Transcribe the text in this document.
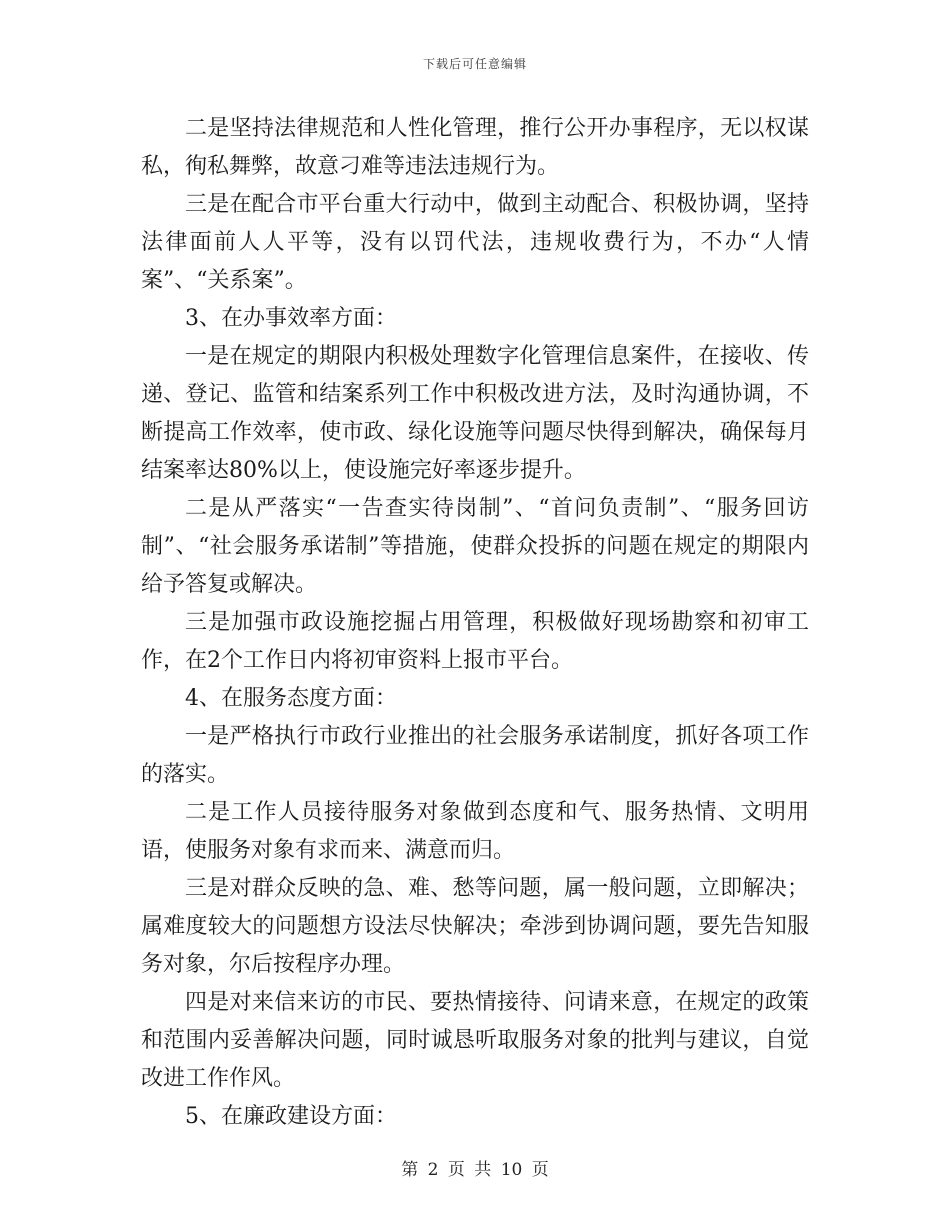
下载后可任意编辑

二是坚持法律规范和人性化管理，推行公开办事程序，无以权谋私，徇私舞弊，故意刁难等违法违规行为。

三是在配合市平台重大行动中，做到主动配合、积极协调，坚持法律面前人人平等，没有以罚代法，违规收费行为，不办“人情案”、“关系案”。

3、在办事效率方面：

一是在规定的期限内积极处理数字化管理信息案件，在接收、传递、登记、监管和结案系列工作中积极改进方法，及时沟通协调，不断提高工作效率，使市政、绿化设施等问题尽快得到解决，确保每月结案率达80%以上，使设施完好率逐步提升。

二是从严落实“一告查实待岗制”、“首问负责制”、“服务回访制”、“社会服务承诺制”等措施，使群众投拆的问题在规定的期限内给予答复或解决。

三是加强市政设施挖掘占用管理，积极做好现场勘察和初审工作，在2个工作日内将初审资料上报市平台。

4、在服务态度方面：

一是严格执行市政行业推出的社会服务承诺制度，抓好各项工作的落实。

二是工作人员接待服务对象做到态度和气、服务热情、文明用语，使服务对象有求而来、满意而归。

三是对群众反映的急、难、愁等问题，属一般问题，立即解决；属难度较大的问题想方设法尽快解决；牵涉到协调问题，要先告知服务对象，尔后按程序办理。

四是对来信来访的市民、要热情接待、问请来意，在规定的政策和范围内妥善解决问题，同时诚恳听取服务对象的批判与建议，自觉改进工作作风。

5、在廉政建设方面：

第 2 页 共 10 页
